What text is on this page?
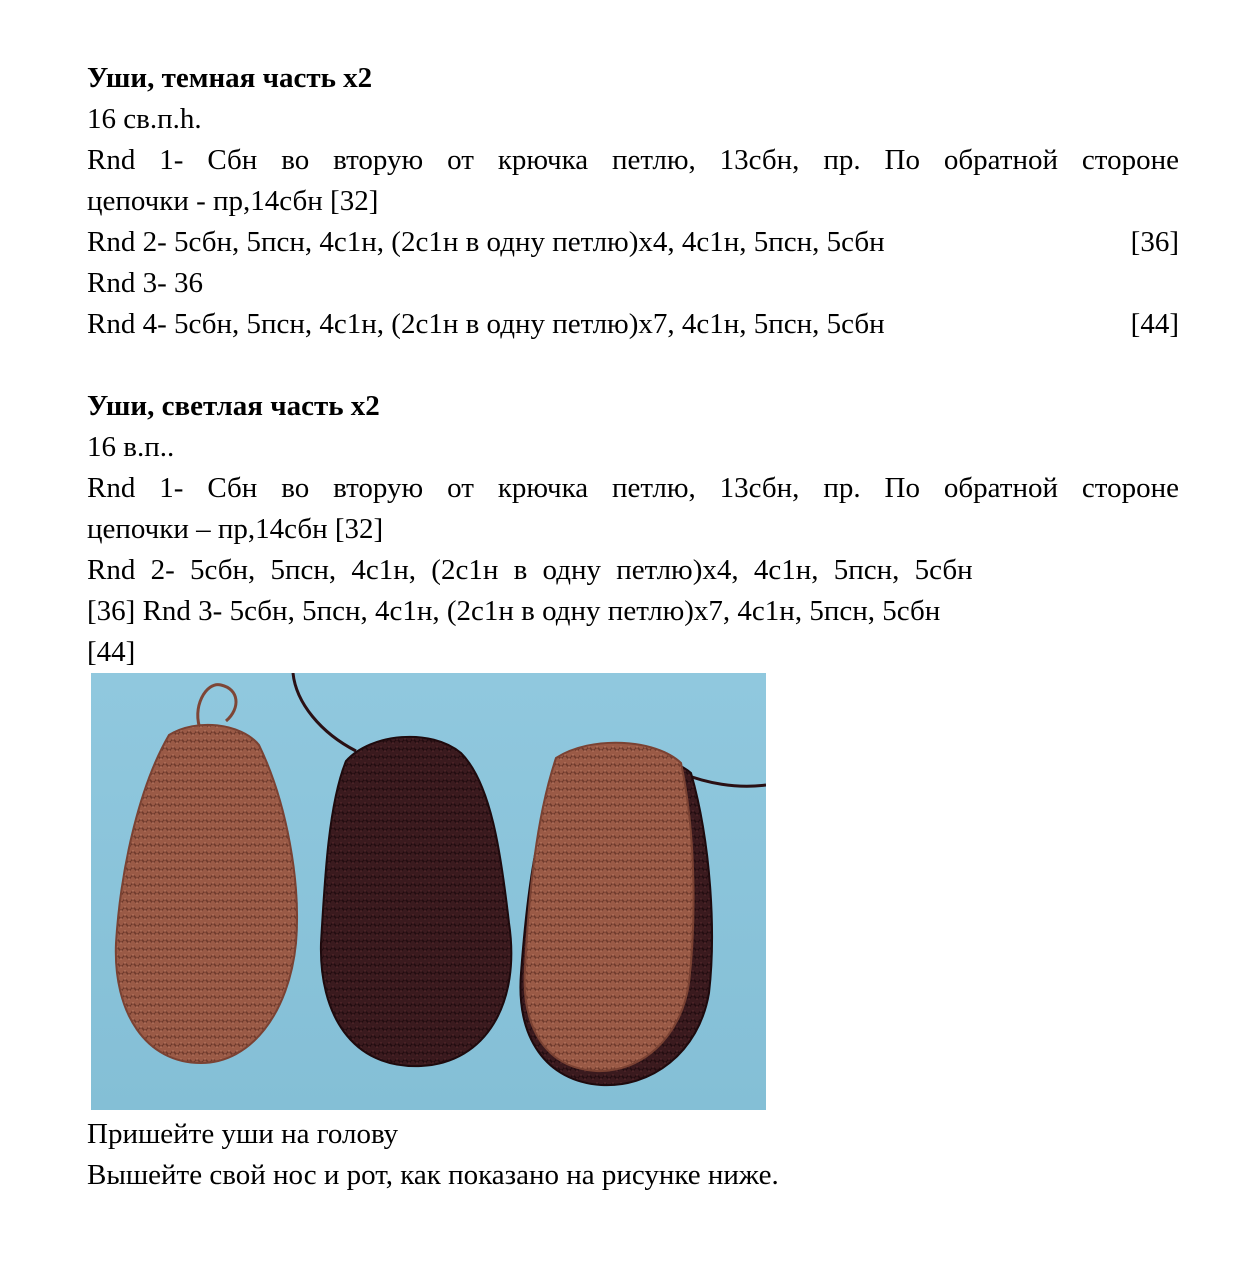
Уши, темная часть x2
16 св.п.h.
Rnd 1- Сбн во вторую от крючка петлю, 13сбн, пр. По обратной стороне
цепочки - пр,14сбн [32]
Rnd 2- 5сбн, 5псн, 4с1н, (2с1н в одну петлю)x4, 4с1н, 5псн, 5сбн	[36]
Rnd 3- 36
Rnd 4- 5сбн, 5псн, 4с1н, (2с1н в одну петлю)x7, 4с1н, 5псн, 5сбн	[44]
Уши, светлая часть x2
16 в.п..
Rnd 1- Сбн во вторую от крючка петлю, 13сбн, пр. По обратной стороне
цепочки – пр,14сбн [32]
Rnd 2- 5сбн, 5псн, 4с1н, (2с1н в одну петлю)x4, 4с1н, 5псн, 5сбн
[36] Rnd 3- 5сбн, 5псн, 4с1н, (2с1н в одну петлю)x7, 4с1н, 5псн, 5сбн
[44]
Пришейте уши на голову
Вышейте свой нос и рот, как показано на рисунке ниже.
